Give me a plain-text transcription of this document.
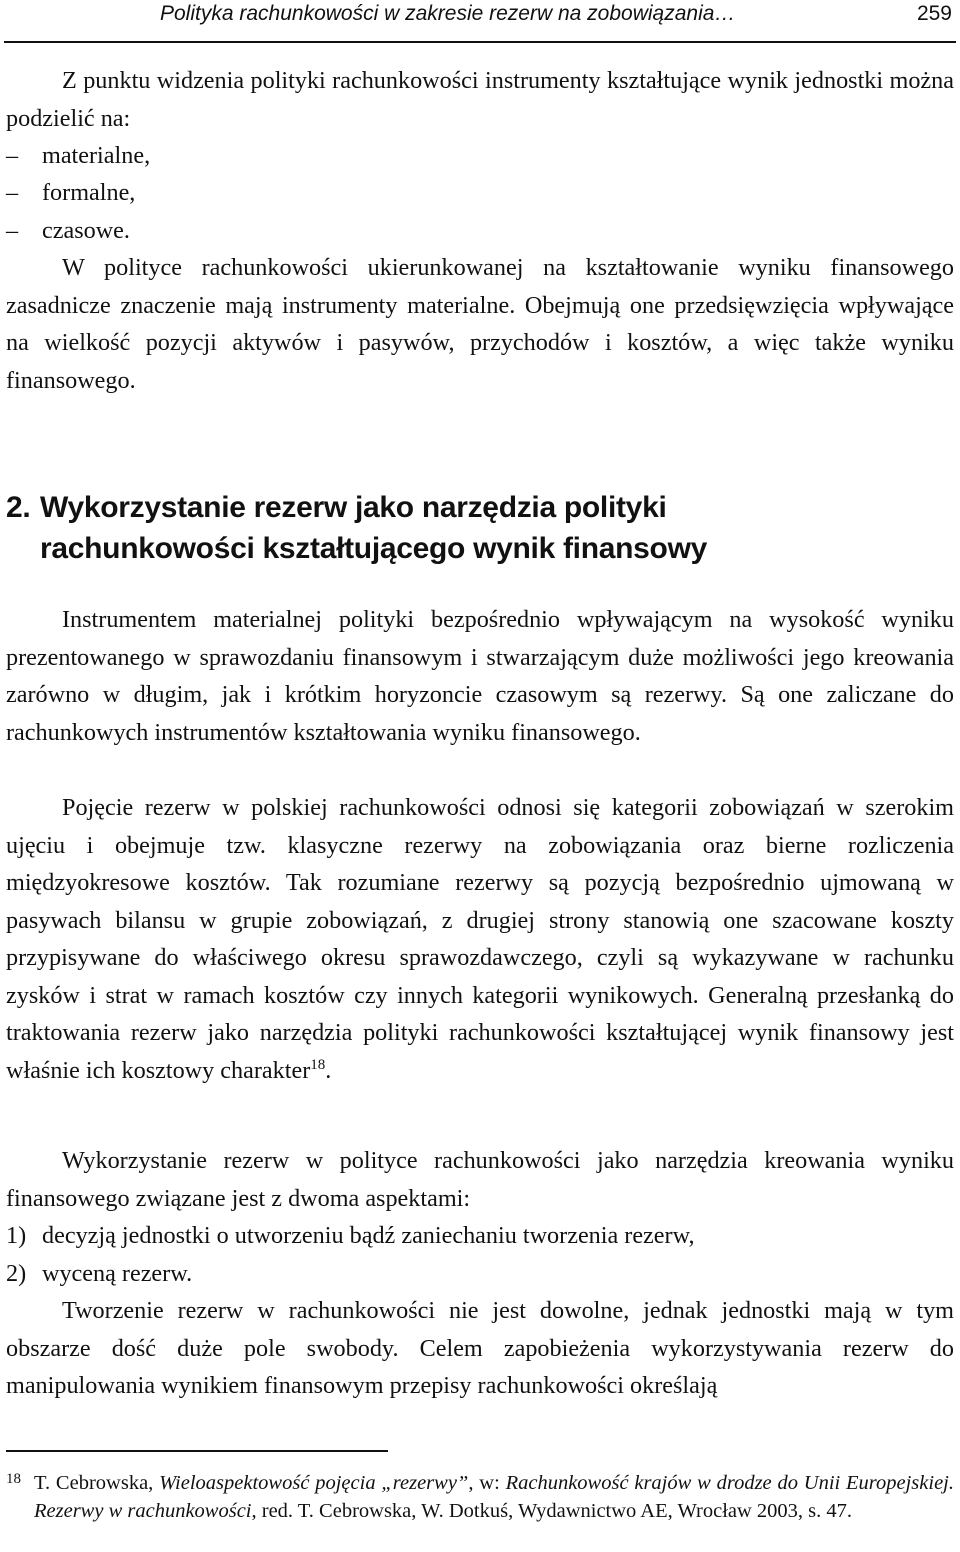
Polityka rachunkowości w zakresie rezerw na zobowiązania…	259

Z punktu widzenia polityki rachunkowości instrumenty kształtujące wynik jednostki można podzielić na:

– materialne,
– formalne,
– czasowe.

W polityce rachunkowości ukierunkowanej na kształtowanie wyniku finansowego zasadnicze znaczenie mają instrumenty materialne. Obejmują one przedsięwzięcia wpływające na wielkość pozycji aktywów i pasywów, przychodów i kosztów, a więc także wyniku finansowego.

2. Wykorzystanie rezerw jako narzędzia polityki
rachunkowości kształtującego wynik finansowy

Instrumentem materialnej polityki bezpośrednio wpływającym na wysokość wyniku prezentowanego w sprawozdaniu finansowym i stwarzającym duże możliwości jego kreowania zarówno w długim, jak i krótkim horyzoncie czasowym są rezerwy. Są one zaliczane do rachunkowych instrumentów kształtowania wyniku finansowego.

Pojęcie rezerw w polskiej rachunkowości odnosi się kategorii zobowiązań w szerokim ujęciu i obejmuje tzw. klasyczne rezerwy na zobowiązania oraz bierne rozliczenia międzyokresowe kosztów. Tak rozumiane rezerwy są pozycją bezpośrednio ujmowaną w pasywach bilansu w grupie zobowiązań, z drugiej strony stanowią one szacowane koszty przypisywane do właściwego okresu sprawozdawczego, czyli są wykazywane w rachunku zysków i strat w ramach kosztów czy innych kategorii wynikowych. Generalną przesłanką do traktowania rezerw jako narzędzia polityki rachunkowości kształtującej wynik finansowy jest właśnie ich kosztowy charakter$^{18}$.

Wykorzystanie rezerw w polityce rachunkowości jako narzędzia kreowania wyniku finansowego związane jest z dwoma aspektami:

1) decyzją jednostki o utworzeniu bądź zaniechaniu tworzenia rezerw,
2) wyceną rezerw.

Tworzenie rezerw w rachunkowości nie jest dowolne, jednak jednostki mają w tym obszarze dość duże pole swobody. Celem zapobieżenia wykorzystywania rezerw do manipulowania wynikiem finansowym przepisy rachunkowości określają

18 T. Cebrowska, Wieloaspektowość pojęcia „rezerwy”, w: Rachunkowość krajów w drodze do Unii Europejskiej. Rezerwy w rachunkowości, red. T. Cebrowska, W. Dotkuś, Wydawnictwo AE, Wrocław 2003, s. 47.
